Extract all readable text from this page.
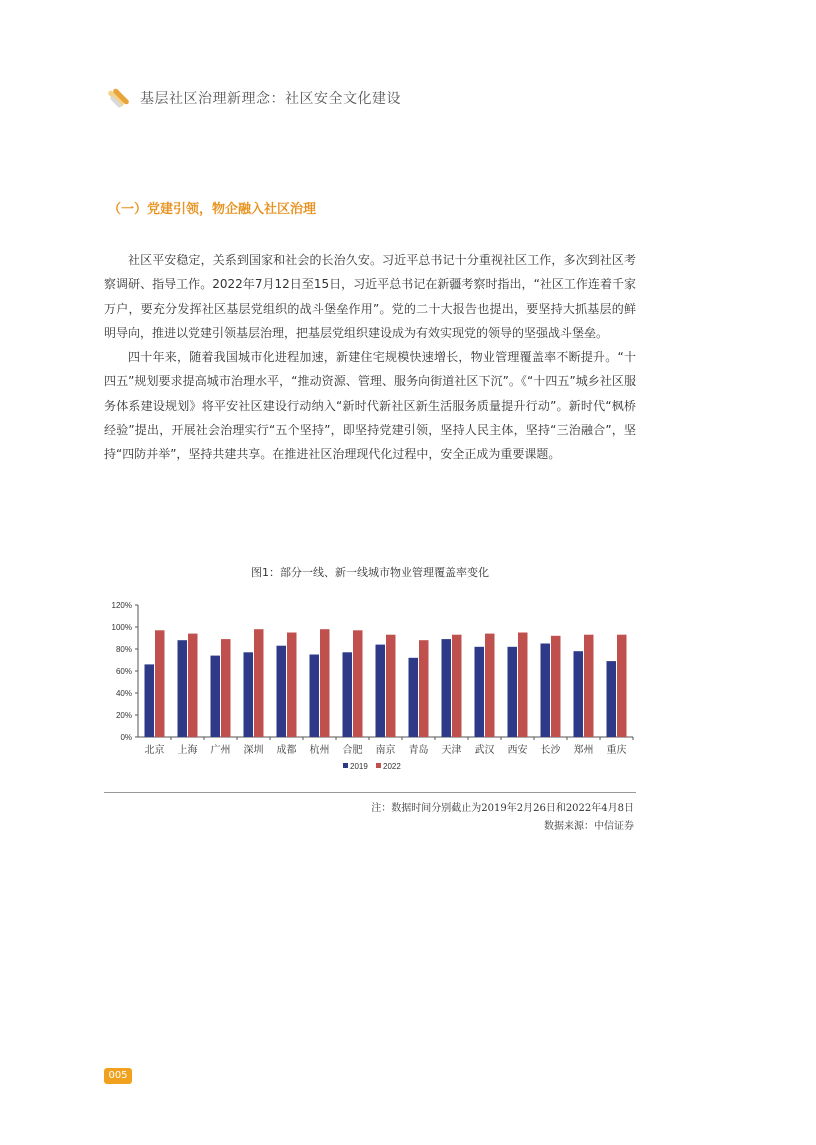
基层社区治理新理念：社区安全文化建设
（一）党建引领，物企融入社区治理

社区平安稳定，关系到国家和社会的长治久安。习近平总书记十分重视社区工作，多次到社区考察调研、指导工作。2022年7月12日至15日，习近平总书记在新疆考察时指出，“社区工作连着千家万户，要充分发挥社区基层党组织的战斗堡垒作用”。党的二十大报告也提出，要坚持大抓基层的鲜明导向，推进以党建引领基层治理，把基层党组织建设成为有效实现党的领导的坚强战斗堡垒。

四十年来，随着我国城市化进程加速，新建住宅规模快速增长，物业管理覆盖率不断提升。“十四五”规划要求提高城市治理水平，“推动资源、管理、服务向街道社区下沉”。《“十四五”城乡社区服务体系建设规划》将平安社区建设行动纳入“新时代新社区新生活服务质量提升行动”。新时代“枫桥经验”提出，开展社会治理实行“五个坚持”，即坚持党建引领，坚持人民主体，坚持“三治融合”，坚持“四防并举”，坚持共建共享。在推进社区治理现代化过程中，安全正成为重要课题。

图1：部分一线、新一线城市物业管理覆盖率变化
0%
20%
40%
60%
80%
100%
120%
北京 上海 广州 深圳 成都 杭州 合肥 南京 青岛 天津 武汉 西安 长沙 郑州 重庆
2019 2022
注：数据时间分别截止为2019年2月26日和2022年4月8日
数据来源：中信证券
005
